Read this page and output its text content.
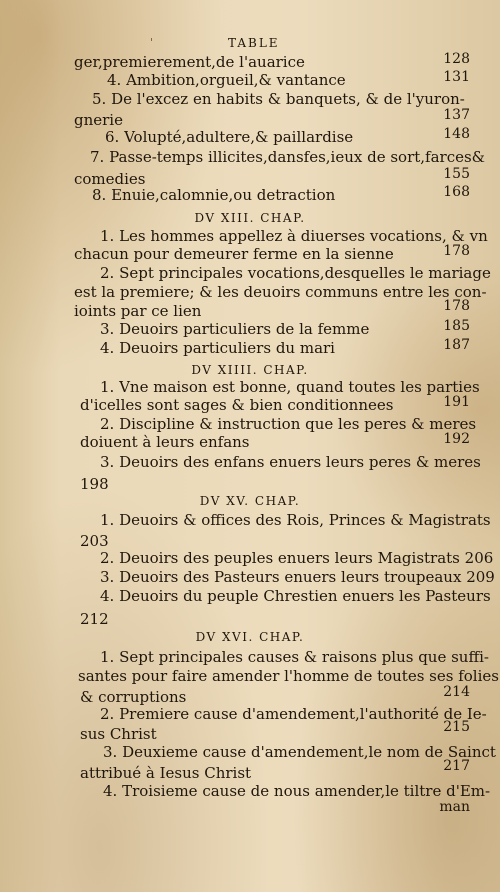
TABLE
'
ger,premierement,de l'auarice	128
4. Ambition,orgueil,& vantance	131
5. De l'excez en habits & banquets, & de l'yuron-
gnerie	137
6. Volupté,adultere,& paillardise	148
7. Passe-temps illicites,dansfes,ieux de sort,farces&
comedies	155
8. Enuie,calomnie,ou detraction	168
DV XIII. CHAP.
1. Les hommes appellez à diuerses vocations, & vn
chacun pour demeurer ferme en la sienne	178
2. Sept principales vocations,desquelles le mariage
est la premiere; & les deuoirs communs entre les con-
ioints par ce lien	178
3. Deuoirs particuliers de la femme	185
4. Deuoirs particuliers du mari	187
DV XIIII. CHAP.
1. Vne maison est bonne, quand toutes les parties
d'icelles sont sages & bien conditionnees	191
2. Discipline & instruction que les peres & meres
doiuent à leurs enfans	192
3. Deuoirs des enfans enuers leurs peres & meres
198
DV XV. CHAP.
1. Deuoirs & offices des Rois, Princes & Magistrats
203
2. Deuoirs des peuples enuers leurs Magistrats 206
3. Deuoirs des Pasteurs enuers leurs troupeaux 209
4. Deuoirs du peuple Chrestien enuers les Pasteurs
212
DV XVI. CHAP.
1. Sept principales causes & raisons plus que suffi-
santes pour faire amender l'homme de toutes ses folies
& corruptions	214
2. Premiere cause d'amendement,l'authorité de Ie-
sus Christ	215
3. Deuxieme cause d'amendement,le nom de Sainct
attribué à Iesus Christ	217
4. Troisieme cause de nous amender,le tiltre d'Em-
man
